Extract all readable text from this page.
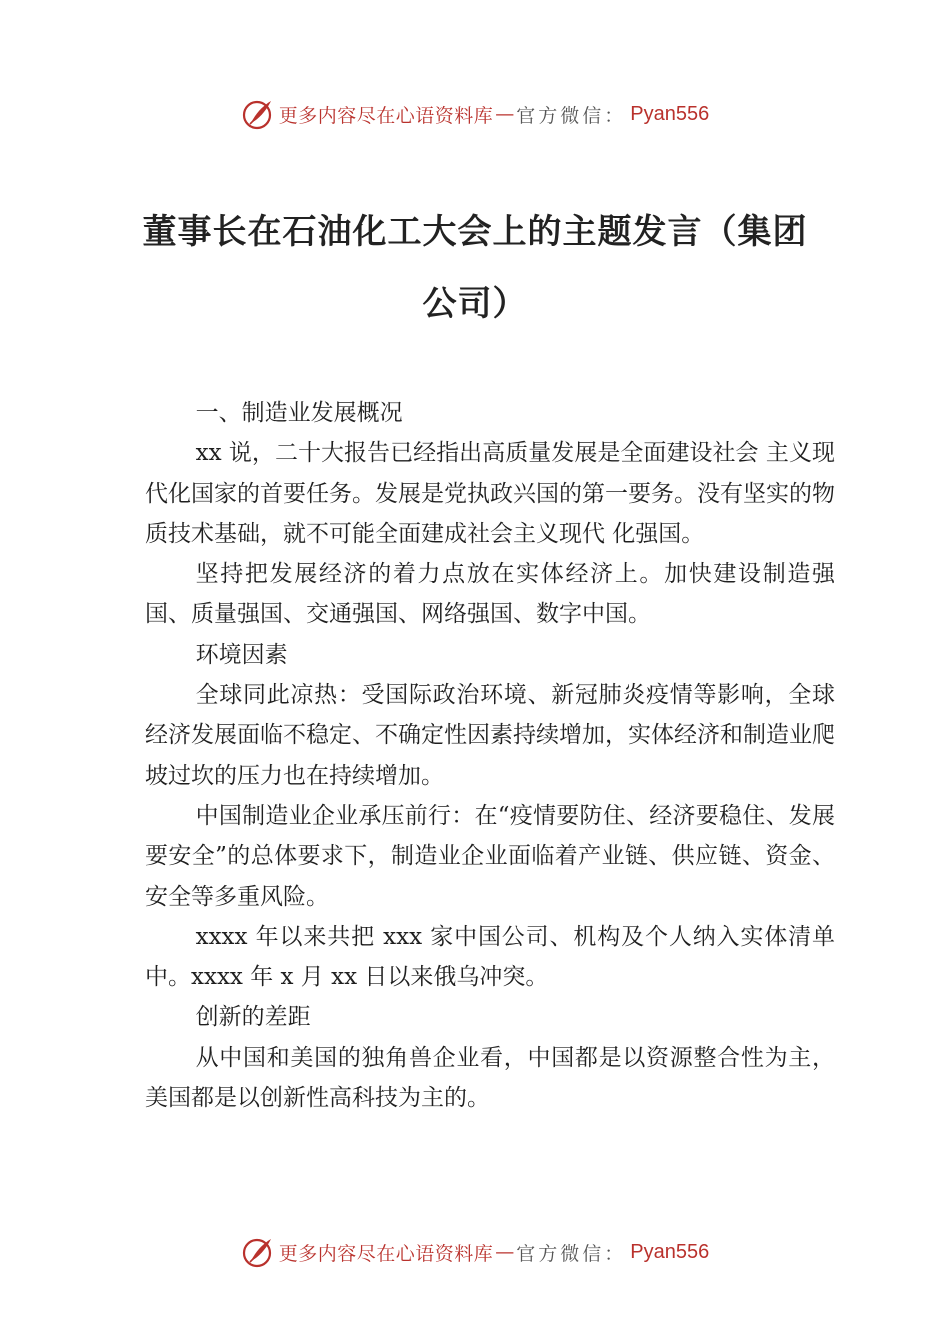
更多内容尽在心语资料库 — 官方微信： Pyan556
董事长在石油化工大会上的主题发言（集团公司）

一、制造业发展概况

xx 说，二十大报告已经指出高质量发展是全面建设社会 主义现代化国家的首要任务。发展是党执政兴国的第一要务。没有坚实的物质技术基础，就不可能全面建成社会主义现代 化强国。

坚持把发展经济的着力点放在实体经济上。加快建设制造强国、质量强国、交通强国、网络强国、数字中国。

环境因素

全球同此凉热：受国际政治环境、新冠肺炎疫情等影响，全球经济发展面临不稳定、不确定性因素持续增加，实体经济和制造业爬坡过坎的压力也在持续增加。

中国制造业企业承压前行：在“疫情要防住、经济要稳住、发展要安全”的总体要求下，制造业企业面临着产业链、供应链、资金、安全等多重风险。

xxxx 年以来共把 xxx 家中国公司、机构及个人纳入实体清单中。xxxx 年 x 月 xx 日以来俄乌冲突。

创新的差距

从中国和美国的独角兽企业看，中国都是以资源整合性为主，美国都是以创新性高科技为主的。

更多内容尽在心语资料库 — 官方微信： Pyan556
